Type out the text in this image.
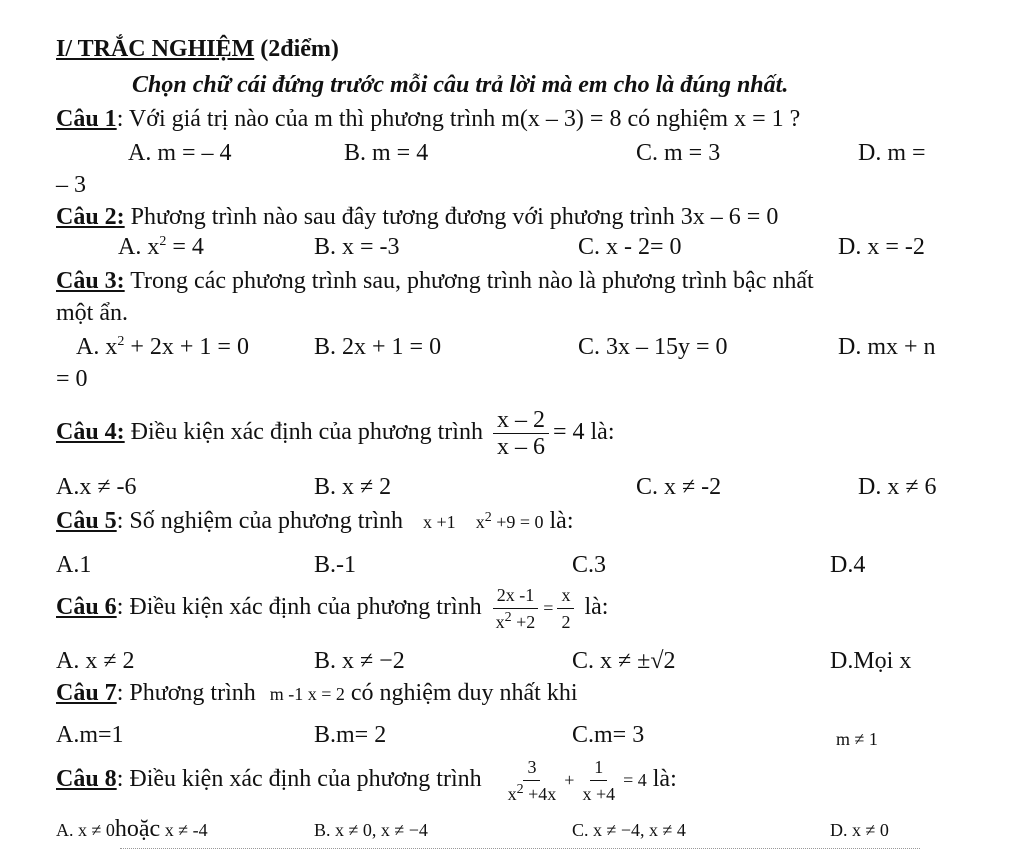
I/ TRẮC NGHIỆM (2điểm)
Chọn chữ cái đứng trước mỗi câu trả lời mà em cho là đúng nhất.
Câu 1: Với giá trị nào của m thì phương trình m(x – 3) = 8 có nghiệm x = 1 ?
A. m = – 4	B. m = 4	C. m = 3	D. m =
– 3
Câu 2: Phương trình nào sau đây tương đương với phương trình 3x – 6 = 0
A. $x^2 = 4$	B. x = -3	C. x - 2= 0	D. x = -2
Câu 3: Trong các phương trình sau, phương trình nào là phương trình bậc nhất
một ẩn.
A. $x^2 + 2x + 1 = 0$	B. 2x + 1 = 0	C. 3x – 15y = 0	D. mx + n
= 0
Câu 4: Điều kiện xác định của phương trình $\frac{x - 2}{x - 6} = 4$ là:
A.x ≠ -6	B. x ≠ 2	C. x ≠ -2	D. x ≠ 6
Câu 5: Số nghiệm của phương trình x +1 $x^2 +9 = 0$ là:
A.1	B.-1	C.3	D.4
Câu 6: Điều kiện xác định của phương trình $\frac{2x -1}{x^2 +2} = \frac{x}{2}$ là:
A. x ≠ 2	B. x ≠ −2	C. x ≠ ±√2	D.Mọi x
Câu 7: Phương trình m -1 x = 2 có nghiệm duy nhất khi
A.m=1	B.m= 2	C.m= 3	m ≠ 1
Câu 8: Điều kiện xác định của phương trình $\frac{3}{x^2 +4x} + \frac{1}{x +4} = 4$ là:
A. x ≠ 0hoặc x ≠ -4	B. x ≠ 0, x ≠ −4	C. x ≠ −4, x ≠ 4	D. x ≠ 0
